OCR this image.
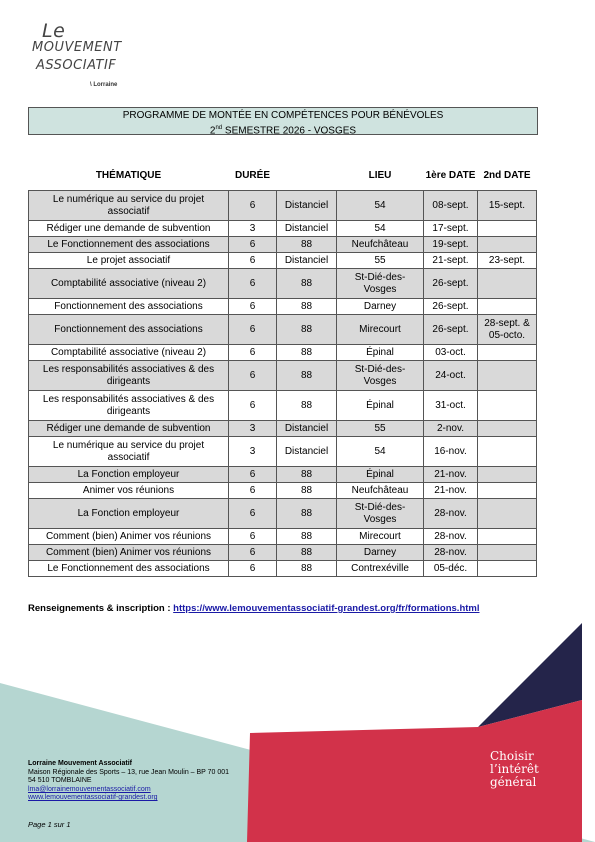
Le
MOUVEMENT
ASSOCIATIF
\ Lorraine
PROGRAMME DE MONTÉE EN COMPÉTENCES POUR BÉNÉVOLES
2nd SEMESTRE 2026 - VOSGES
THÉMATIQUE	DURÉE		LIEU	1ère DATE	2nd DATE
Le numérique au service du projet associatif	6	Distanciel	54	08-sept.	15-sept.
Rédiger une demande de subvention	3	Distanciel	54	17-sept.	
Le Fonctionnement des associations	6	88	Neufchâteau	19-sept.	
Le projet associatif	6	Distanciel	55	21-sept.	23-sept.
Comptabilité associative (niveau 2)	6	88	St-Dié-des-Vosges	26-sept.	
Fonctionnement des associations	6	88	Darney	26-sept.	
Fonctionnement des associations	6	88	Mirecourt	26-sept.	28-sept. & 05-octo.
Comptabilité associative (niveau 2)	6	88	Épinal	03-oct.	
Les responsabilités associatives & des dirigeants	6	88	St-Dié-des-Vosges	24-oct.	
Les responsabilités associatives & des dirigeants	6	88	Épinal	31-oct.	
Rédiger une demande de subvention	3	Distanciel	55	2-nov.	
Le numérique au service du projet associatif	3	Distanciel	54	16-nov.	
La Fonction employeur	6	88	Épinal	21-nov.	
Animer vos réunions	6	88	Neufchâteau	21-nov.	
La Fonction employeur	6	88	St-Dié-des-Vosges	28-nov.	
Comment (bien) Animer vos réunions	6	88	Mirecourt	28-nov.	
Comment (bien) Animer vos réunions	6	88	Darney	28-nov.	
Le Fonctionnement des associations	6	88	Contrexéville	05-déc.	
Renseignements & inscription : https://www.lemouvementassociatif-grandest.org/fr/formations.html
Choisir
l’intérêt
général
Lorraine Mouvement Associatif
Maison Régionale des Sports – 13, rue Jean Moulin – BP 70 001
54 510 TOMBLAINE
lma@lorrainemouvementassociatif.com
www.lemouvementassociatif-grandest.org
Page 1 sur 1
